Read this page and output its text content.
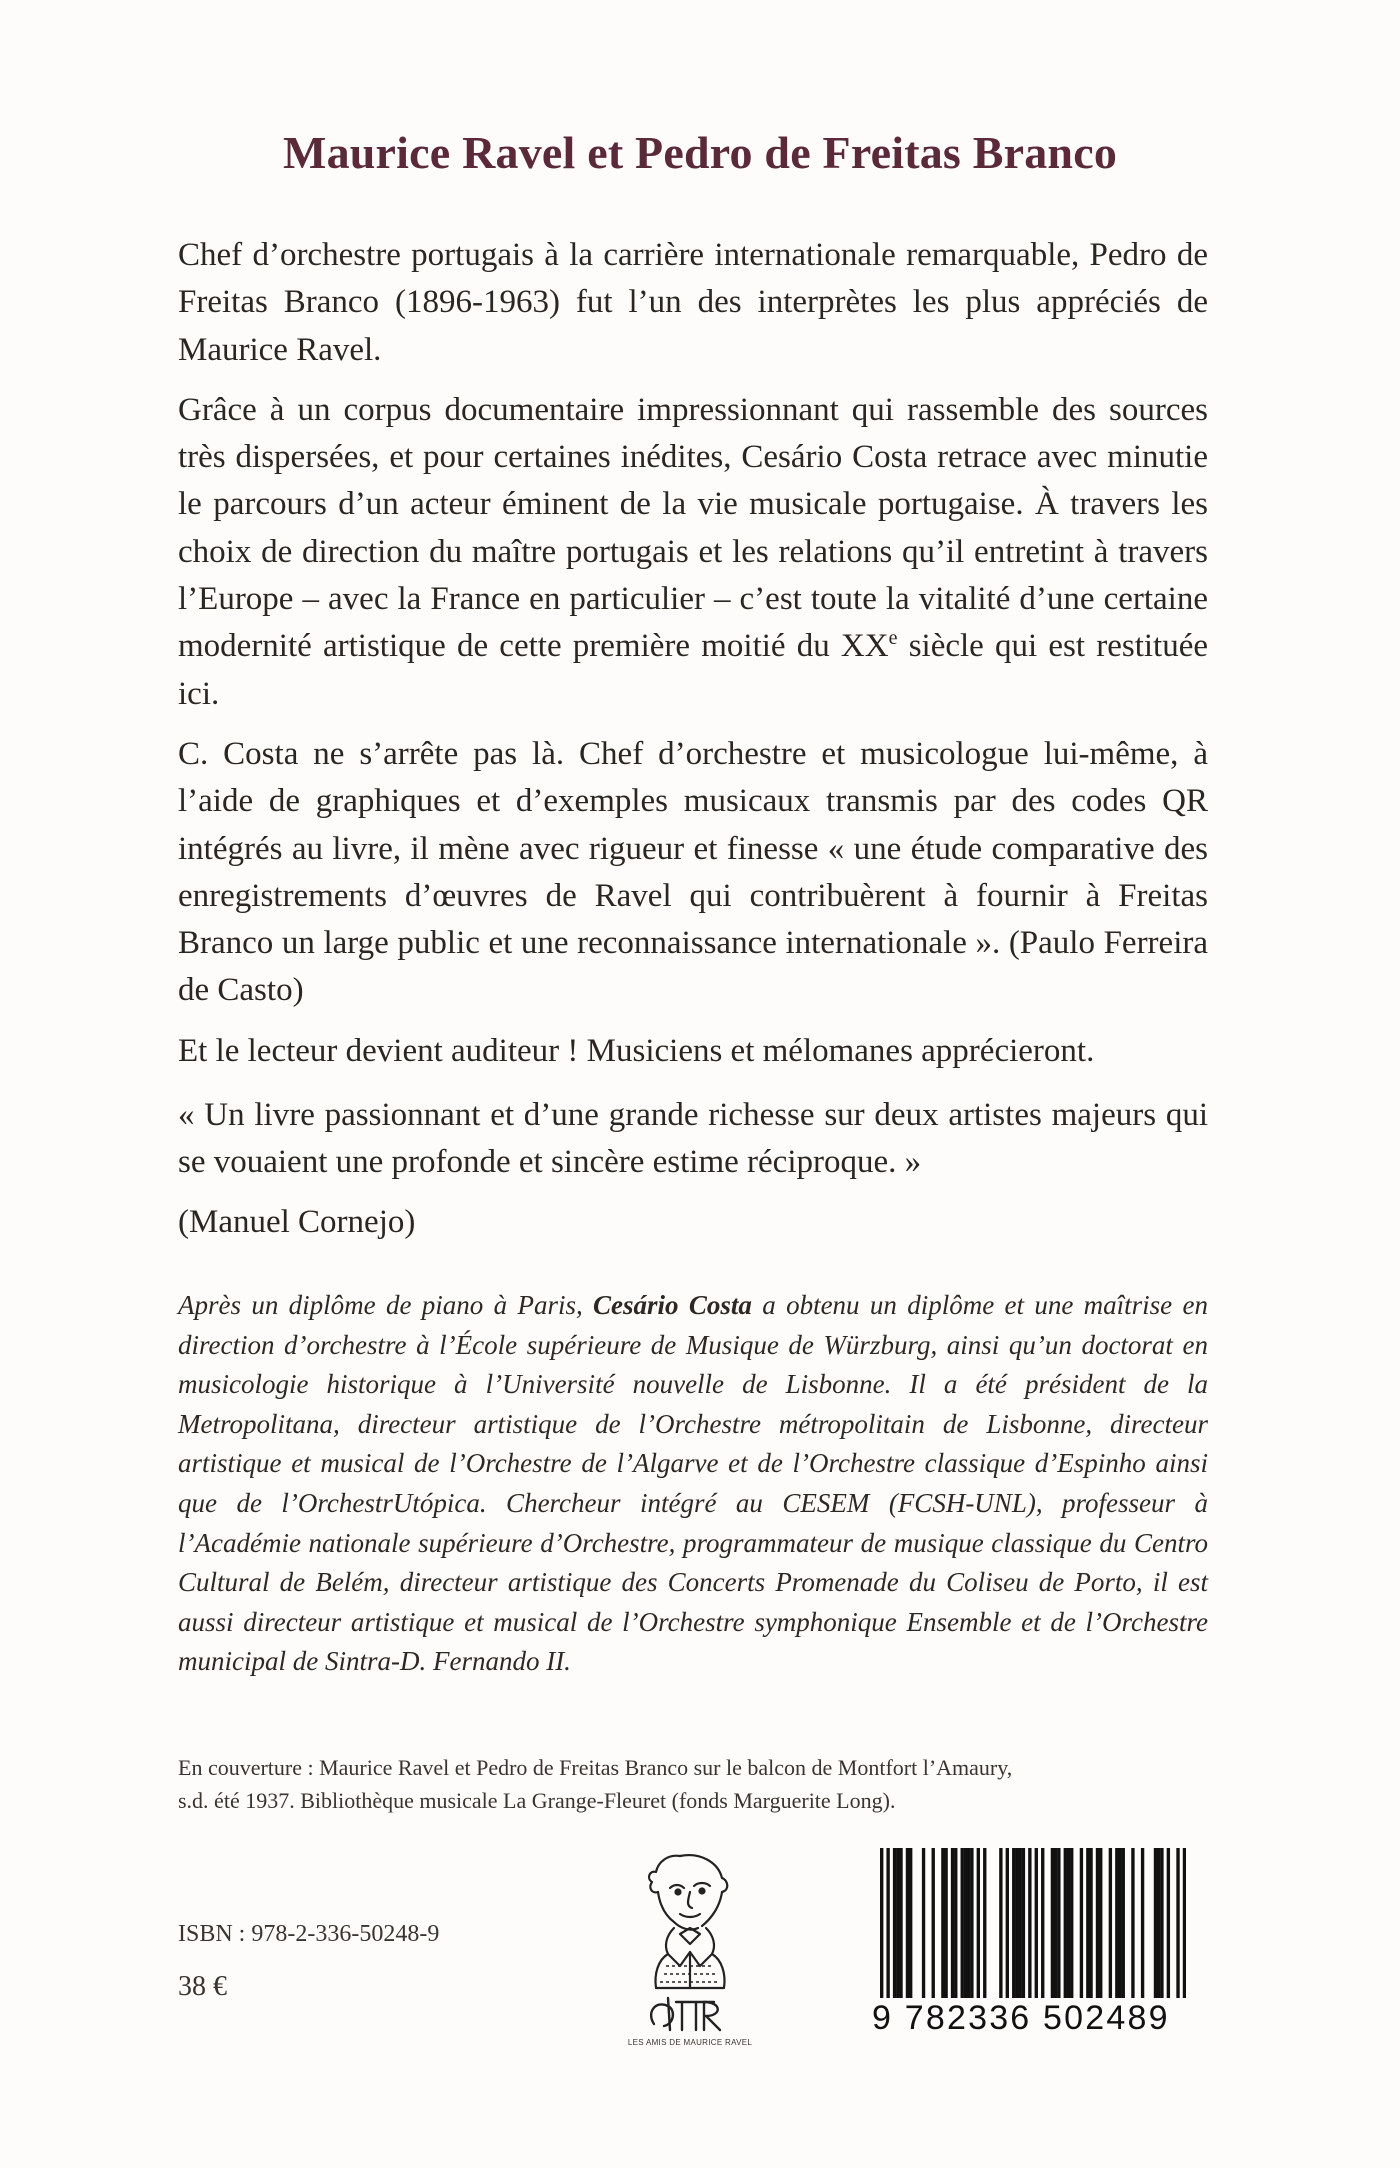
Maurice Ravel et Pedro de Freitas Branco

Chef d’orchestre portugais à la carrière internationale remarquable, Pedro de Freitas Branco (1896-1963) fut l’un des interprètes les plus appréciés de Maurice Ravel.

Grâce à un corpus documentaire impressionnant qui rassemble des sources très dispersées, et pour certaines inédites, Cesário Costa retrace avec minutie le parcours d’un acteur éminent de la vie musicale portugaise. À travers les choix de direction du maître portugais et les relations qu’il entretint à travers l’Europe – avec la France en particulier – c’est toute la vitalité d’une certaine modernité artistique de cette première moitié du XXe siècle qui est restituée ici.

C. Costa ne s’arrête pas là. Chef d’orchestre et musicologue lui-même, à l’aide de graphiques et d’exemples musicaux transmis par des codes QR intégrés au livre, il mène avec rigueur et finesse « une étude comparative des enregistrements d’œuvres de Ravel qui contribuèrent à fournir à Freitas Branco un large public et une reconnaissance internationale ». (Paulo Ferreira de Casto)

Et le lecteur devient auditeur ! Musiciens et mélomanes apprécieront.

« Un livre passionnant et d’une grande richesse sur deux artistes majeurs qui se vouaient une profonde et sincère estime réciproque. »

(Manuel Cornejo)

Après un diplôme de piano à Paris, Cesário Costa a obtenu un diplôme et une maîtrise en direction d’orchestre à l’École supérieure de Musique de Würzburg, ainsi qu’un doctorat en musicologie historique à l’Université nouvelle de Lisbonne. Il a été président de la Metropolitana, directeur artistique de l’Orchestre métropolitain de Lisbonne, directeur artistique et musical de l’Orchestre de l’Algarve et de l’Orchestre classique d’Espinho ainsi que de l’OrchestrUtópica. Chercheur intégré au CESEM (FCSH-UNL), professeur à l’Académie nationale supérieure d’Orchestre, programmateur de musique classique du Centro Cultural de Belém, directeur artistique des Concerts Promenade du Coliseu de Porto, il est aussi directeur artistique et musical de l’Orchestre symphonique Ensemble et de l’Orchestre municipal de Sintra-D. Fernando II.

En couverture : Maurice Ravel et Pedro de Freitas Branco sur le balcon de Montfort l’Amaury,

s.d. été 1937. Bibliothèque musicale La Grange-Fleuret (fonds Marguerite Long).

ISBN : 978-2-336-50248-9
38 €
LES AMIS DE MAURICE RAVEL
9 782336 502489
